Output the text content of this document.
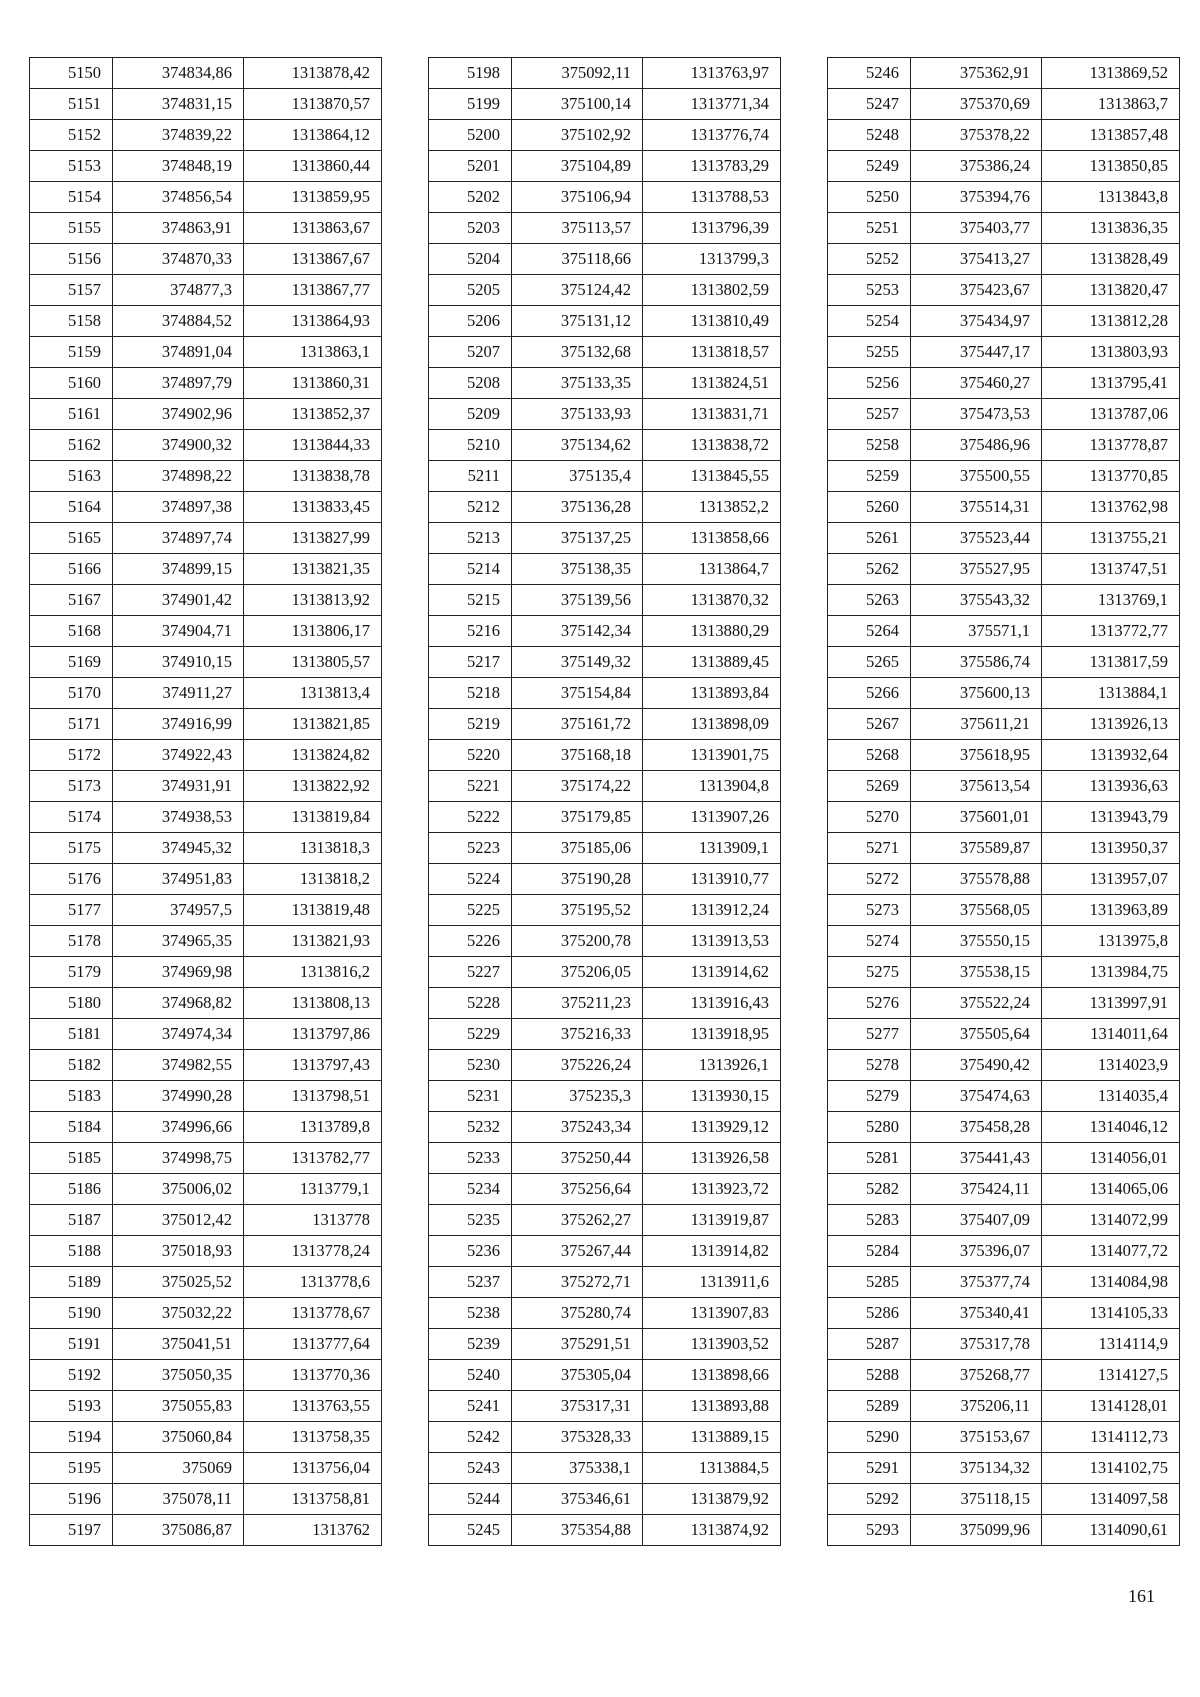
5150	374834,86	1313878,42
5151	374831,15	1313870,57
5152	374839,22	1313864,12
5153	374848,19	1313860,44
5154	374856,54	1313859,95
5155	374863,91	1313863,67
5156	374870,33	1313867,67
5157	374877,3	1313867,77
5158	374884,52	1313864,93
5159	374891,04	1313863,1
5160	374897,79	1313860,31
5161	374902,96	1313852,37
5162	374900,32	1313844,33
5163	374898,22	1313838,78
5164	374897,38	1313833,45
5165	374897,74	1313827,99
5166	374899,15	1313821,35
5167	374901,42	1313813,92
5168	374904,71	1313806,17
5169	374910,15	1313805,57
5170	374911,27	1313813,4
5171	374916,99	1313821,85
5172	374922,43	1313824,82
5173	374931,91	1313822,92
5174	374938,53	1313819,84
5175	374945,32	1313818,3
5176	374951,83	1313818,2
5177	374957,5	1313819,48
5178	374965,35	1313821,93
5179	374969,98	1313816,2
5180	374968,82	1313808,13
5181	374974,34	1313797,86
5182	374982,55	1313797,43
5183	374990,28	1313798,51
5184	374996,66	1313789,8
5185	374998,75	1313782,77
5186	375006,02	1313779,1
5187	375012,42	1313778
5188	375018,93	1313778,24
5189	375025,52	1313778,6
5190	375032,22	1313778,67
5191	375041,51	1313777,64
5192	375050,35	1313770,36
5193	375055,83	1313763,55
5194	375060,84	1313758,35
5195	375069	1313756,04
5196	375078,11	1313758,81
5197	375086,87	1313762
5198	375092,11	1313763,97
5199	375100,14	1313771,34
5200	375102,92	1313776,74
5201	375104,89	1313783,29
5202	375106,94	1313788,53
5203	375113,57	1313796,39
5204	375118,66	1313799,3
5205	375124,42	1313802,59
5206	375131,12	1313810,49
5207	375132,68	1313818,57
5208	375133,35	1313824,51
5209	375133,93	1313831,71
5210	375134,62	1313838,72
5211	375135,4	1313845,55
5212	375136,28	1313852,2
5213	375137,25	1313858,66
5214	375138,35	1313864,7
5215	375139,56	1313870,32
5216	375142,34	1313880,29
5217	375149,32	1313889,45
5218	375154,84	1313893,84
5219	375161,72	1313898,09
5220	375168,18	1313901,75
5221	375174,22	1313904,8
5222	375179,85	1313907,26
5223	375185,06	1313909,1
5224	375190,28	1313910,77
5225	375195,52	1313912,24
5226	375200,78	1313913,53
5227	375206,05	1313914,62
5228	375211,23	1313916,43
5229	375216,33	1313918,95
5230	375226,24	1313926,1
5231	375235,3	1313930,15
5232	375243,34	1313929,12
5233	375250,44	1313926,58
5234	375256,64	1313923,72
5235	375262,27	1313919,87
5236	375267,44	1313914,82
5237	375272,71	1313911,6
5238	375280,74	1313907,83
5239	375291,51	1313903,52
5240	375305,04	1313898,66
5241	375317,31	1313893,88
5242	375328,33	1313889,15
5243	375338,1	1313884,5
5244	375346,61	1313879,92
5245	375354,88	1313874,92
5246	375362,91	1313869,52
5247	375370,69	1313863,7
5248	375378,22	1313857,48
5249	375386,24	1313850,85
5250	375394,76	1313843,8
5251	375403,77	1313836,35
5252	375413,27	1313828,49
5253	375423,67	1313820,47
5254	375434,97	1313812,28
5255	375447,17	1313803,93
5256	375460,27	1313795,41
5257	375473,53	1313787,06
5258	375486,96	1313778,87
5259	375500,55	1313770,85
5260	375514,31	1313762,98
5261	375523,44	1313755,21
5262	375527,95	1313747,51
5263	375543,32	1313769,1
5264	375571,1	1313772,77
5265	375586,74	1313817,59
5266	375600,13	1313884,1
5267	375611,21	1313926,13
5268	375618,95	1313932,64
5269	375613,54	1313936,63
5270	375601,01	1313943,79
5271	375589,87	1313950,37
5272	375578,88	1313957,07
5273	375568,05	1313963,89
5274	375550,15	1313975,8
5275	375538,15	1313984,75
5276	375522,24	1313997,91
5277	375505,64	1314011,64
5278	375490,42	1314023,9
5279	375474,63	1314035,4
5280	375458,28	1314046,12
5281	375441,43	1314056,01
5282	375424,11	1314065,06
5283	375407,09	1314072,99
5284	375396,07	1314077,72
5285	375377,74	1314084,98
5286	375340,41	1314105,33
5287	375317,78	1314114,9
5288	375268,77	1314127,5
5289	375206,11	1314128,01
5290	375153,67	1314112,73
5291	375134,32	1314102,75
5292	375118,15	1314097,58
5293	375099,96	1314090,61
161
